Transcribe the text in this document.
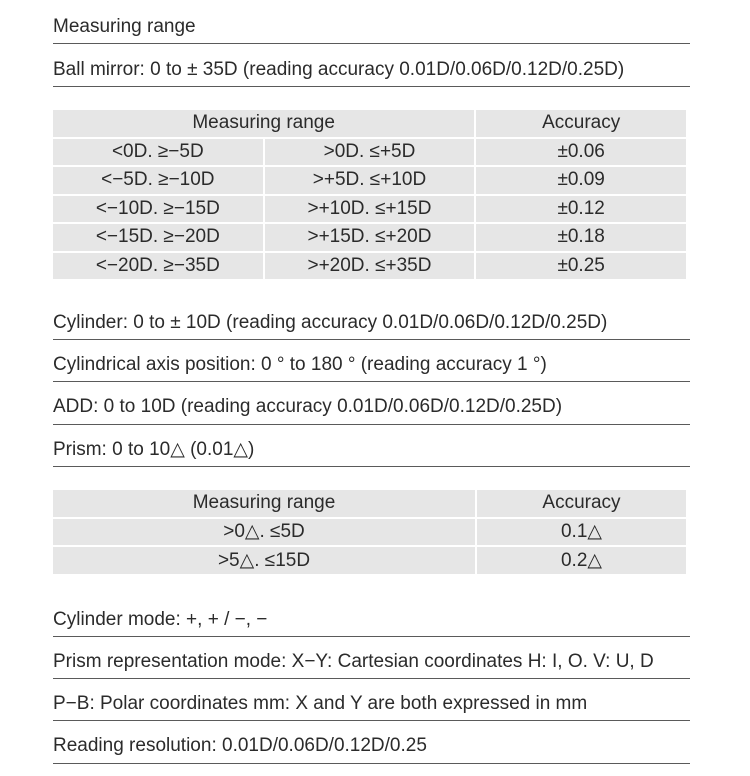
Measuring range
Ball mirror: 0 to ± 35D (reading accuracy 0.01D/0.06D/0.12D/0.25D)
Measuring range		Accuracy
<0D. ≥−5D	>0D. ≤+5D	±0.06
<−5D. ≥−10D	>+5D. ≤+10D	±0.09
<−10D. ≥−15D	>+10D. ≤+15D	±0.12
<−15D. ≥−20D	>+15D. ≤+20D	±0.18
<−20D. ≥−35D	>+20D. ≤+35D	±0.25
Cylinder: 0 to ± 10D (reading accuracy 0.01D/0.06D/0.12D/0.25D)
Cylindrical axis position: 0 ° to 180 ° (reading accuracy 1 °)
ADD: 0 to 10D (reading accuracy 0.01D/0.06D/0.12D/0.25D)
Prism: 0 to 10△ (0.01△)
Measuring range	Accuracy
>0△. ≤5D	0.1△
>5△. ≤15D	0.2△
Cylinder mode: +, + / −, −
Prism representation mode: X−Y: Cartesian coordinates H: I, O. V: U, D
P−B: Polar coordinates mm: X and Y are both expressed in mm
Reading resolution: 0.01D/0.06D/0.12D/0.25
